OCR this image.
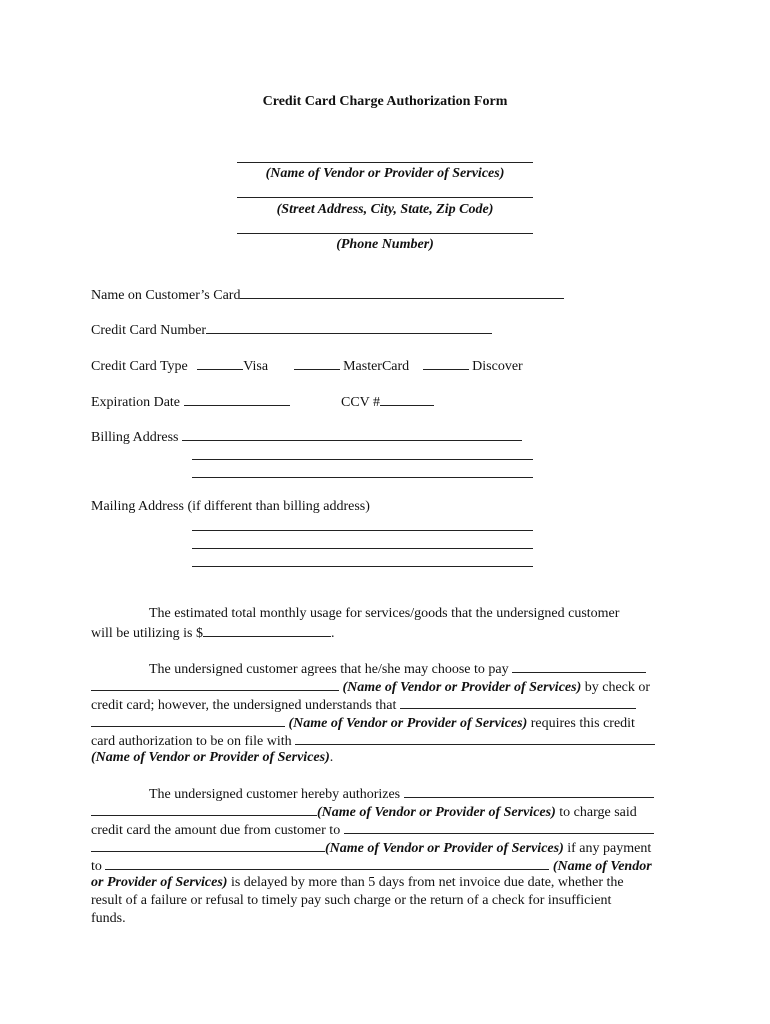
Credit Card Charge Authorization Form
(Name of Vendor or Provider of Services)
(Street Address, City, State, Zip Code)
(Phone Number)
Name on Customer’s Card
Credit Card Number
Credit Card Type	Visa	MasterCard	Discover
Expiration Date	CCV #
Billing Address
Mailing Address (if different than billing address)
The estimated total monthly usage for services/goods that the undersigned customer
will be utilizing is $	.
The undersigned customer agrees that he/she may choose to pay
(Name of Vendor or Provider of Services) by check or
credit card; however, the undersigned understands that
(Name of Vendor or Provider of Services) requires this credit
card authorization to be on file with
(Name of Vendor or Provider of Services).
The undersigned customer hereby authorizes
(Name of Vendor or Provider of Services) to charge said
credit card the amount due from customer to
(Name of Vendor or Provider of Services) if any payment
to	(Name of Vendor
or Provider of Services) is delayed by more than 5 days from net invoice due date, whether the
result of a failure or refusal to timely pay such charge or the return of a check for insufficient
funds.
